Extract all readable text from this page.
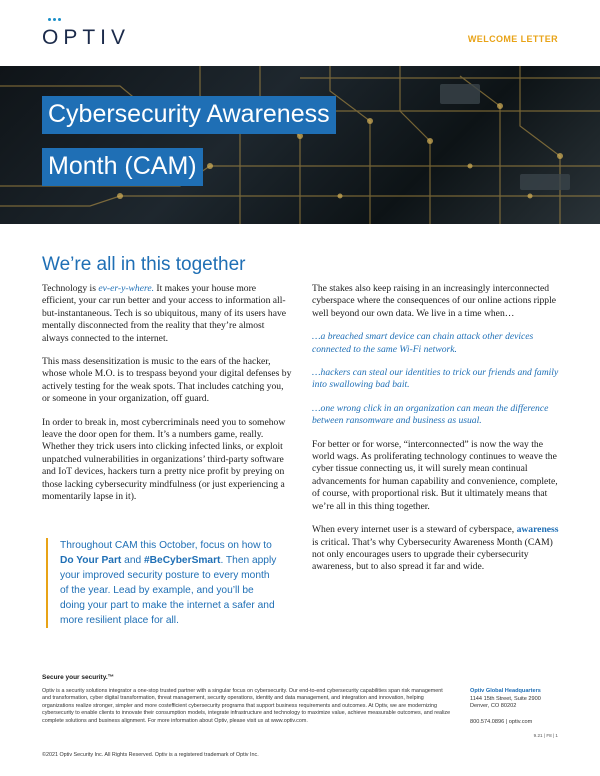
OPTIV	WELCOME LETTER
Cybersecurity Awareness
Month (CAM)
We’re all in this together

Technology is ev-er-y-where. It makes your house more efficient, your car run better and your access to information all-but-instantaneous. Tech is so ubiquitous, many of its users have mentally disconnected from the reality that they’re almost always connected to the internet.

This mass desensitization is music to the ears of the hacker, whose whole M.O. is to trespass beyond your digital defenses by actively testing for the weak spots. That includes catching you, or someone in your organization, off guard.

In order to break in, most cybercriminals need you to somehow leave the door open for them. It’s a numbers game, really. Whether they trick users into clicking infected links, or exploit unpatched vulnerabilities in organizations’ third-party software and IoT devices, hackers turn a pretty nice profit by preying on those lacking cybersecurity mindfulness (or just experiencing a momentarily lapse in it).

Throughout CAM this October, focus on how to Do Your Part and #BeCyberSmart. Then apply your improved security posture to every month of the year. Lead by example, and you’ll be doing your part to make the internet a safer and more resilient place for all.

The stakes also keep raising in an increasingly interconnected cyberspace where the consequences of our online actions ripple well beyond our own data. We live in a time when…

…a breached smart device can chain attack other devices connected to the same Wi-Fi network.

…hackers can steal our identities to trick our friends and family into swallowing bad bait.

…one wrong click in an organization can mean the difference between ransomware and business as usual.

For better or for worse, “interconnected” is now the way the world wags. As proliferating technology continues to weave the cyber tissue connecting us, it will surely mean continual advancements for human capability and convenience, complete, of course, with proportional risk. But it ultimately means that we’re all in this thing together.

When every internet user is a steward of cyberspace, awareness is critical. That’s why Cybersecurity Awareness Month (CAM) not only encourages users to upgrade their cybersecurity awareness, but to also spread it far and wide.

Secure your security.™
Optiv is a security solutions integrator a one-stop trusted partner with a singular focus on cybersecurity. Our end-to-end cybersecurity capabilities span risk management and transformation, cyber digital transformation, threat management, security operations, identity and data management, and integration and innovation, helping organizations realize stronger, simpler and more costefficient cybersecurity programs that support business requirements and outcomes. At Optiv, we are modernizing cybersecurity to enable clients to innovate their consumption models, integrate infrastructure and technology to maximize value, achieve measurable outcomes, and realize complete solutions and business alignment. For more information about Optiv, please visit us at www.optiv.com.
Optiv Global Headquarters
1144 15th Street, Suite 2900
Denver, CO 80202
800.574.0896 | optiv.com
9.21 | F8 | 1
©2021 Optiv Security Inc. All Rights Reserved. Optiv is a registered trademark of Optiv Inc.
